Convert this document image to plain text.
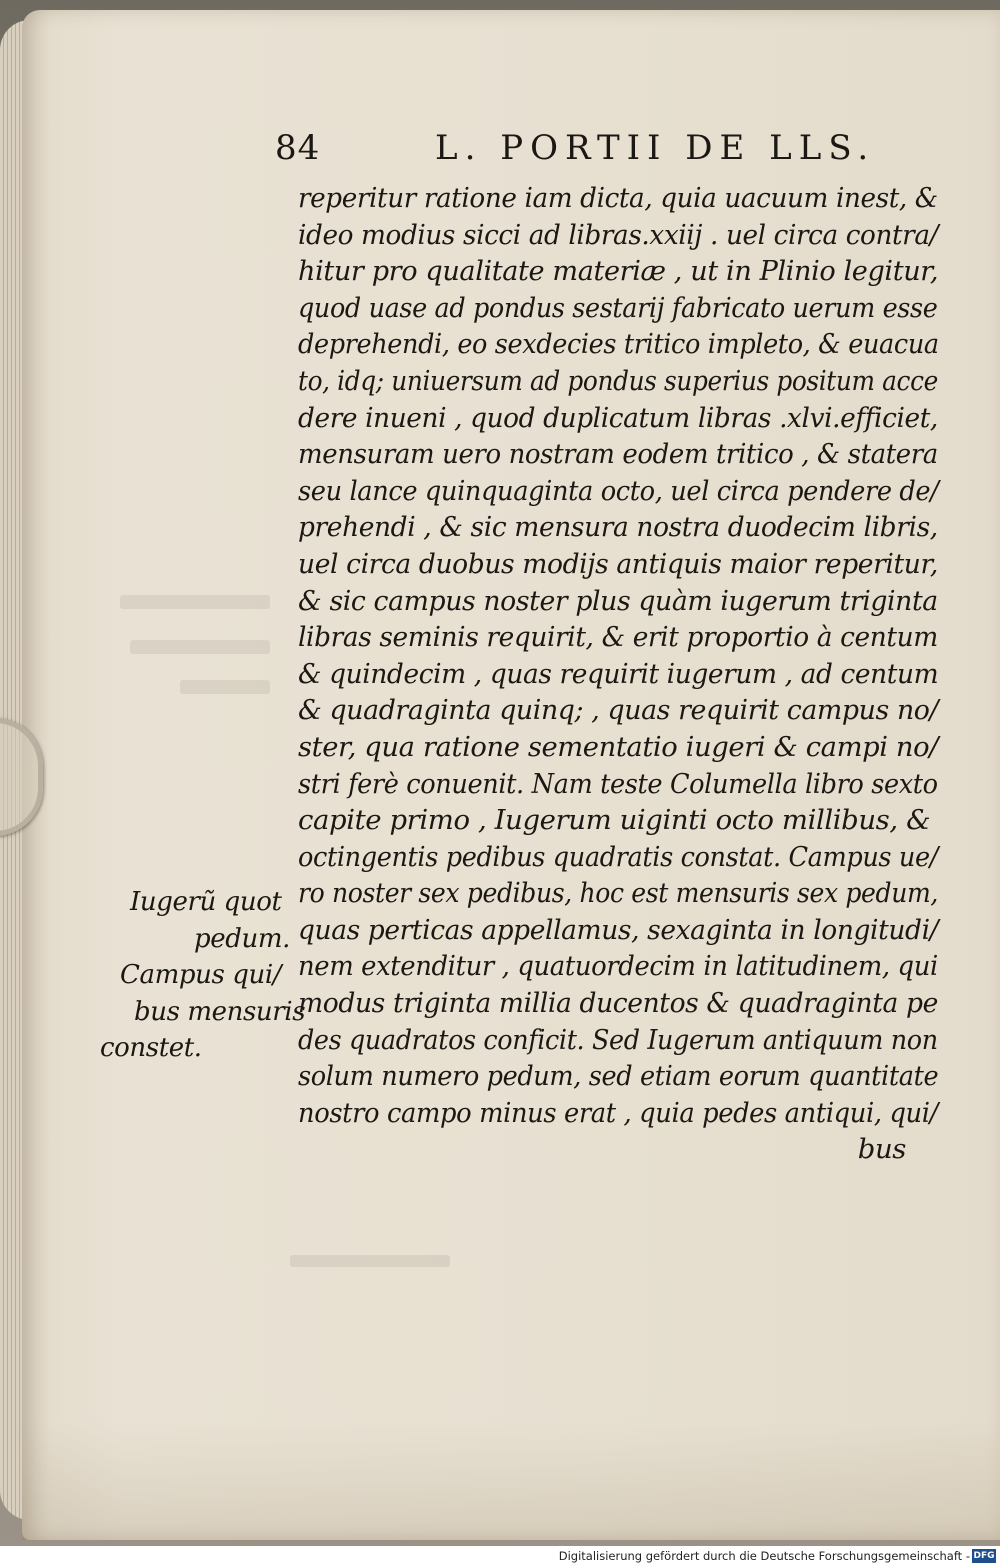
84	L. PORTII DE LLS.
reperitur ratione iam dicta, quia uacuum inest, &
ideo modius sicci ad libras.xxiij . uel circa contra/
hitur pro qualitate materiæ , ut in Plinio legitur,
quod uase ad pondus sestarij fabricato uerum esse
deprehendi, eo sexdecies tritico impleto, & euacua
to, idq; uniuersum ad pondus superius positum acce
dere inueni , quod duplicatum libras .xlvi.efficiet,
mensuram uero nostram eodem tritico , & statera
seu lance quinquaginta octo, uel circa pendere de/
prehendi , & sic mensura nostra duodecim libris,
uel circa duobus modijs antiquis maior reperitur,
& sic campus noster plus quàm iugerum triginta
libras seminis requirit, & erit proportio à centum
& quindecim , quas requirit iugerum , ad centum
& quadraginta quinq; , quas requirit campus no/
ster, qua ratione sementatio iugeri & campi no/
stri ferè conuenit. Nam teste Columella libro sexto
capite primo , Iugerum uiginti octo millibus, &
octingentis pedibus quadratis constat. Campus ue/
ro noster sex pedibus, hoc est mensuris sex pedum,
quas perticas appellamus, sexaginta in longitudi/
nem extenditur , quatuordecim in latitudinem, qui
modus triginta millia ducentos & quadraginta pe
des quadratos conficit. Sed Iugerum antiquum non
solum numero pedum, sed etiam eorum quantitate
nostro campo minus erat , quia pedes antiqui, qui/
bus
Iugerũ quot
pedum.
Campus qui/
bus mensuris
constet.
Digitalisierung gefördert durch die Deutsche Forschungsgemeinschaft - DFG
